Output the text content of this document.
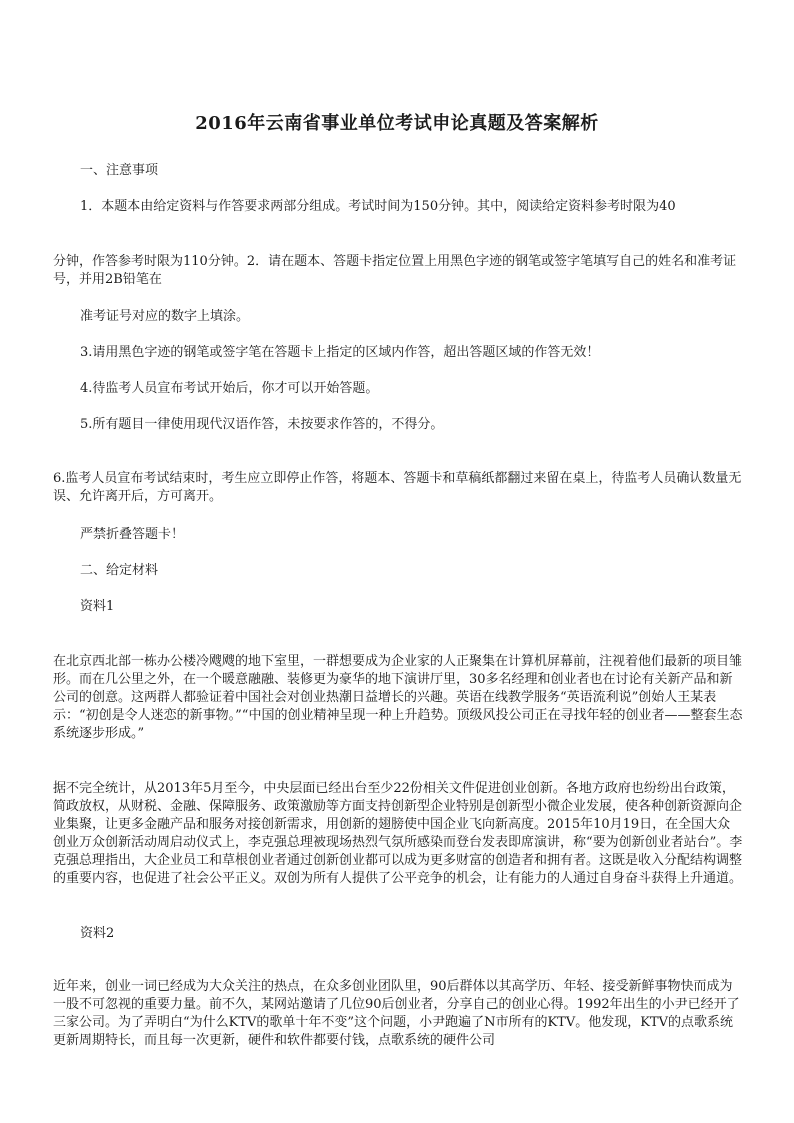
2016年云南省事业单位考试申论真题及答案解析
一、注意事项
1．本题本由给定资料与作答要求两部分组成。考试时间为150分钟。其中，阅读给定资料参考时限为40
分钟，作答参考时限为110分钟。2．请在题本、答题卡指定位置上用黑色字迹的钢笔或签字笔填写自己的姓名和准考证号，并用2B铅笔在
准考证号对应的数字上填涂。
3.请用黑色字迹的钢笔或签字笔在答题卡上指定的区域内作答，超出答题区域的作答无效！
4.待监考人员宣布考试开始后，你才可以开始答题。
5.所有题目一律使用现代汉语作答，未按要求作答的，不得分。
6.监考人员宣布考试结束时，考生应立即停止作答，将题本、答题卡和草稿纸都翻过来留在桌上，待监考人员确认数量无误、允许离开后，方可离开。
严禁折叠答题卡！
二、给定材料
资料1
在北京西北部一栋办公楼冷飕飕的地下室里，一群想要成为企业家的人正聚集在计算机屏幕前，注视着他们最新的项目雏形。而在几公里之外，在一个暖意融融、装修更为豪华的地下演讲厅里，30多名经理和创业者也在讨论有关新产品和新公司的创意。这两群人都验证着中国社会对创业热潮日益增长的兴趣。英语在线教学服务“英语流利说”创始人王某表示：“初创是令人迷恋的新事物。”“中国的创业精神呈现一种上升趋势。顶级风投公司正在寻找年轻的创业者——整套生态系统逐步形成。”
据不完全统计，从2013年5月至今，中央层面已经出台至少22份相关文件促进创业创新。各地方政府也纷纷出台政策，简政放权，从财税、金融、保障服务、政策激励等方面支持创新型企业特别是创新型小微企业发展，使各种创新资源向企业集聚，让更多金融产品和服务对接创新需求，用创新的翅膀使中国企业飞向新高度。2015年10月19日，在全国大众创业万众创新活动周启动仪式上，李克强总理被现场热烈气氛所感染而登台发表即席演讲，称“要为创新创业者站台”。李克强总理指出，大企业员工和草根创业者通过创新创业都可以成为更多财富的创造者和拥有者。这既是收入分配结构调整的重要内容，也促进了社会公平正义。双创为所有人提供了公平竞争的机会，让有能力的人通过自身奋斗获得上升通道。
资料2
近年来，创业一词已经成为大众关注的热点，在众多创业团队里，90后群体以其高学历、年轻、接受新鲜事物快而成为一股不可忽视的重要力量。前不久，某网站邀请了几位90后创业者，分享自己的创业心得。1992年出生的小尹已经开了三家公司。为了弄明白“为什么KTV的歌单十年不变”这个问题，小尹跑遍了N市所有的KTV。他发现，KTV的点歌系统更新周期特长，而且每一次更新，硬件和软件都要付钱，点歌系统的硬件公司
